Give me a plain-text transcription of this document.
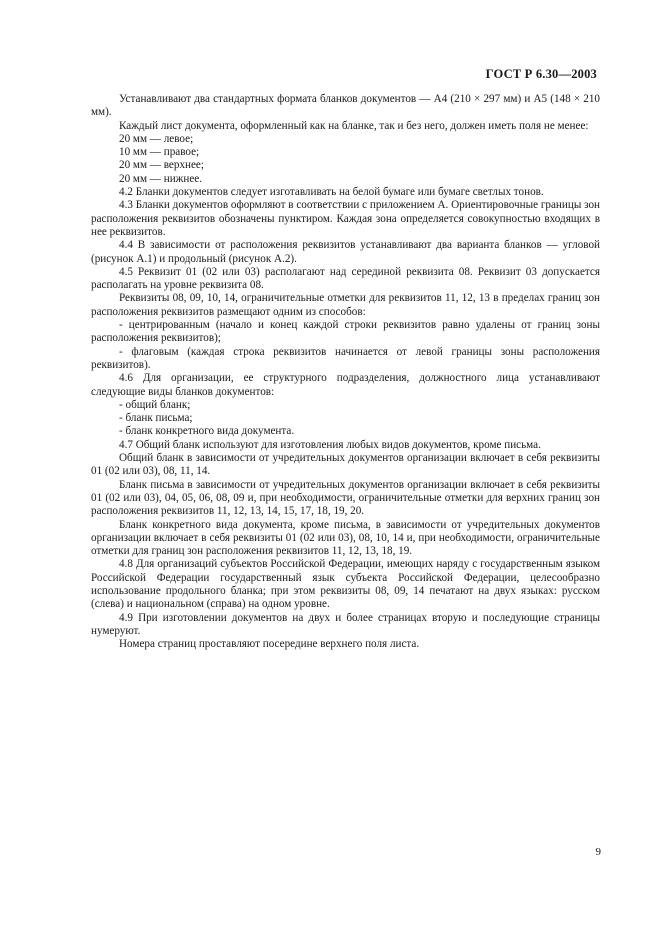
ГОСТ Р 6.30—2003

Устанавливают два стандартных формата бланков документов — А4 (210 × 297 мм) и А5 (148 × 210 мм).

Каждый лист документа, оформленный как на бланке, так и без него, должен иметь поля не менее:

20 мм — левое;

10 мм — правое;

20 мм — верхнее;

20 мм — нижнее.

4.2 Бланки документов следует изготавливать на белой бумаге или бумаге светлых тонов.

4.3 Бланки документов оформляют в соответствии с приложением А. Ориентировочные границы зон расположения реквизитов обозначены пунктиром. Каждая зона определяется совокупностью входящих в нее реквизитов.

4.4 В зависимости от расположения реквизитов устанавливают два варианта бланков — угловой (рисунок А.1) и продольный (рисунок А.2).

4.5 Реквизит 01 (02 или 03) располагают над серединой реквизита 08. Реквизит 03 допускается располагать на уровне реквизита 08.

Реквизиты 08, 09, 10, 14, ограничительные отметки для реквизитов 11, 12, 13 в пределах границ зон расположения реквизитов размещают одним из способов:

- центрированным (начало и конец каждой строки реквизитов равно удалены от границ зоны расположения реквизитов);

- флаговым (каждая строка реквизитов начинается от левой границы зоны расположения реквизитов).

4.6 Для организации, ее структурного подразделения, должностного лица устанавливают следующие виды бланков документов:

- общий бланк;

- бланк письма;

- бланк конкретного вида документа.

4.7 Общий бланк используют для изготовления любых видов документов, кроме письма.

Общий бланк в зависимости от учредительных документов организации включает в себя реквизиты 01 (02 или 03), 08, 11, 14.

Бланк письма в зависимости от учредительных документов организации включает в себя реквизиты 01 (02 или 03), 04, 05, 06, 08, 09 и, при необходимости, ограничительные отметки для верхних границ зон расположения реквизитов 11, 12, 13, 14, 15, 17, 18, 19, 20.

Бланк конкретного вида документа, кроме письма, в зависимости от учредительных документов организации включает в себя реквизиты 01 (02 или 03), 08, 10, 14 и, при необходимости, ограничительные отметки для границ зон расположения реквизитов 11, 12, 13, 18, 19.

4.8 Для организаций субъектов Российской Федерации, имеющих наряду с государственным языком Российской Федерации государственный язык субъекта Российской Федерации, целесообразно использование продольного бланка; при этом реквизиты 08, 09, 14 печатают на двух языках: русском (слева) и национальном (справа) на одном уровне.

4.9 При изготовлении документов на двух и более страницах вторую и последующие страницы нумеруют.

Номера страниц проставляют посередине верхнего поля листа.

9
